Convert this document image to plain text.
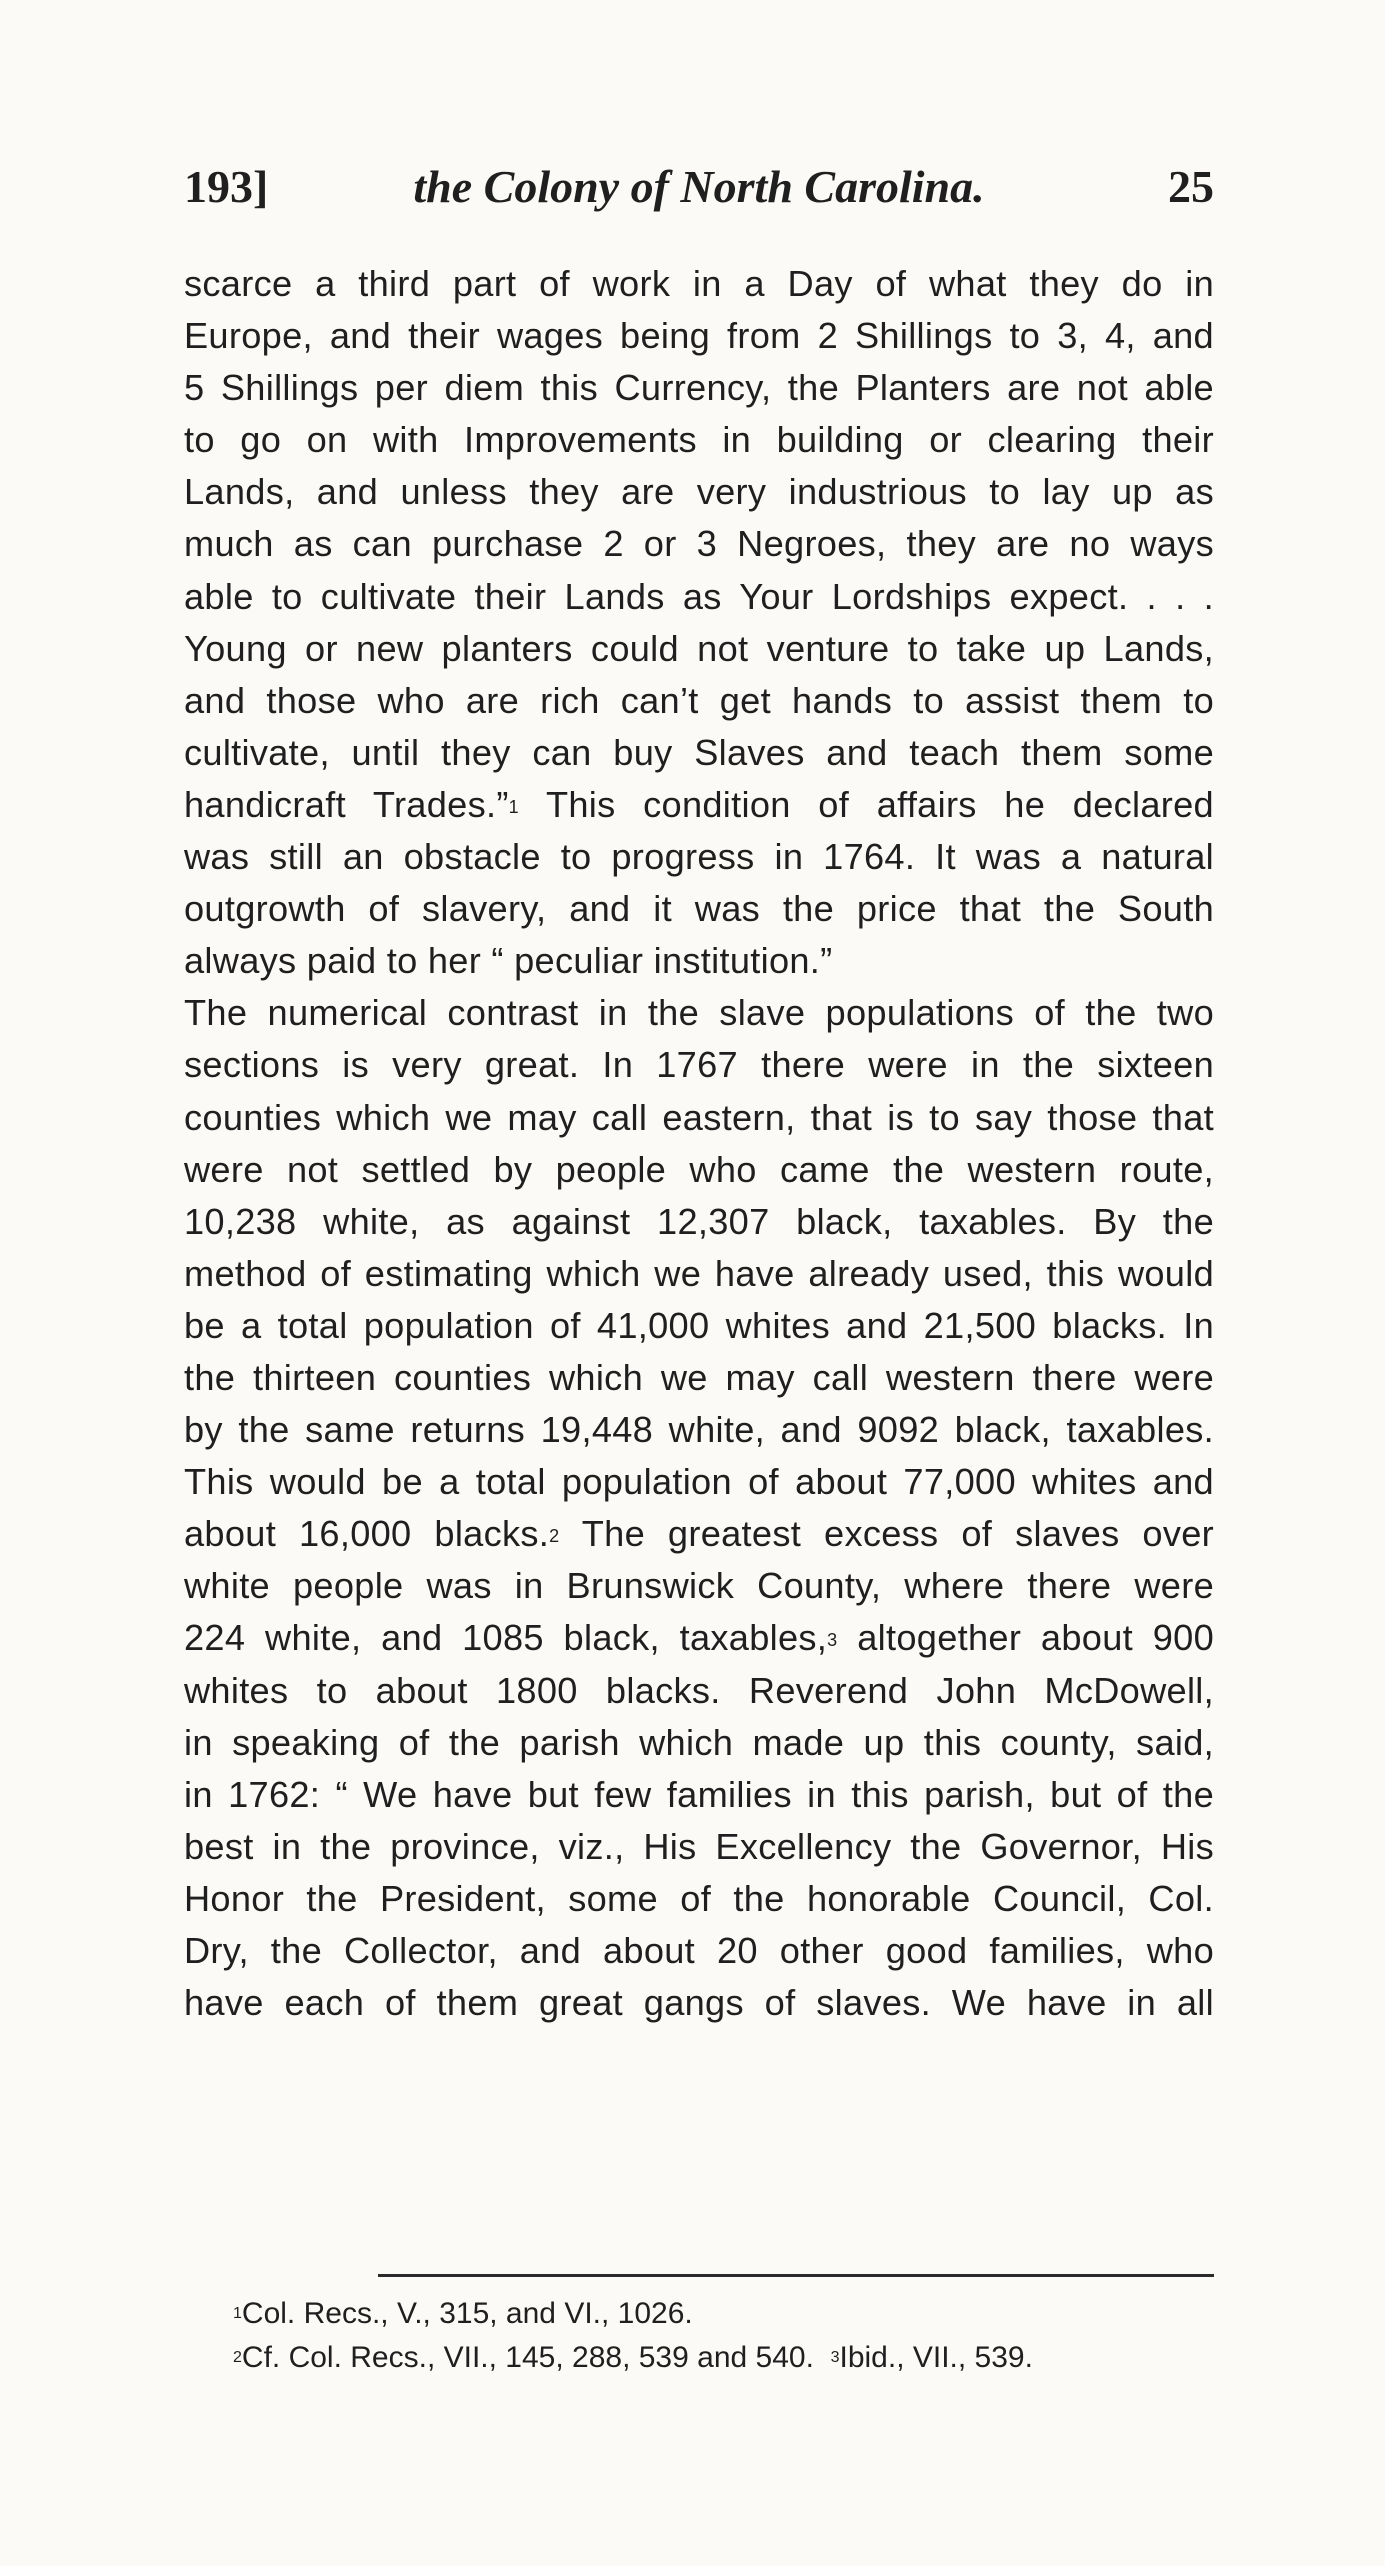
193]	the Colony of North Carolina.	25
scarce a third part of work in a Day of what they do in
Europe, and their wages being from 2 Shillings to 3, 4, and
5 Shillings per diem this Currency, the Planters are not able
to go on with Improvements in building or clearing their
Lands, and unless they are very industrious to lay up as
much as can purchase 2 or 3 Negroes, they are no ways
able to cultivate their Lands as Your Lordships expect. . . .
Young or new planters could not venture to take up Lands,
and those who are rich can’t get hands to assist them to
cultivate, until they can buy Slaves and teach them some
handicraft Trades.”$^1$ This condition of affairs he declared
was still an obstacle to progress in 1764. It was a natural
outgrowth of slavery, and it was the price that the South
always paid to her “ peculiar institution.”
The numerical contrast in the slave populations of the two
sections is very great. In 1767 there were in the sixteen
counties which we may call eastern, that is to say those that
were not settled by people who came the western route,
10,238 white, as against 12,307 black, taxables. By the
method of estimating which we have already used, this would
be a total population of 41,000 whites and 21,500 blacks. In
the thirteen counties which we may call western there were
by the same returns 19,448 white, and 9092 black, taxables.
This would be a total population of about 77,000 whites and
about 16,000 blacks.$^2$ The greatest excess of slaves over
white people was in Brunswick County, where there were
224 white, and 1085 black, taxables,$^3$ altogether about 900
whites to about 1800 blacks. Reverend John McDowell,
in speaking of the parish which made up this county, said,
in 1762: “ We have but few families in this parish, but of the
best in the province, viz., His Excellency the Governor, His
Honor the President, some of the honorable Council, Col.
Dry, the Collector, and about 20 other good families, who
have each of them great gangs of slaves. We have in all
$^1$Col. Recs., V., 315, and VI., 1026.
$^2$Cf. Col. Recs., VII., 145, 288, 539 and 540. $^3$Ibid., VII., 539.
